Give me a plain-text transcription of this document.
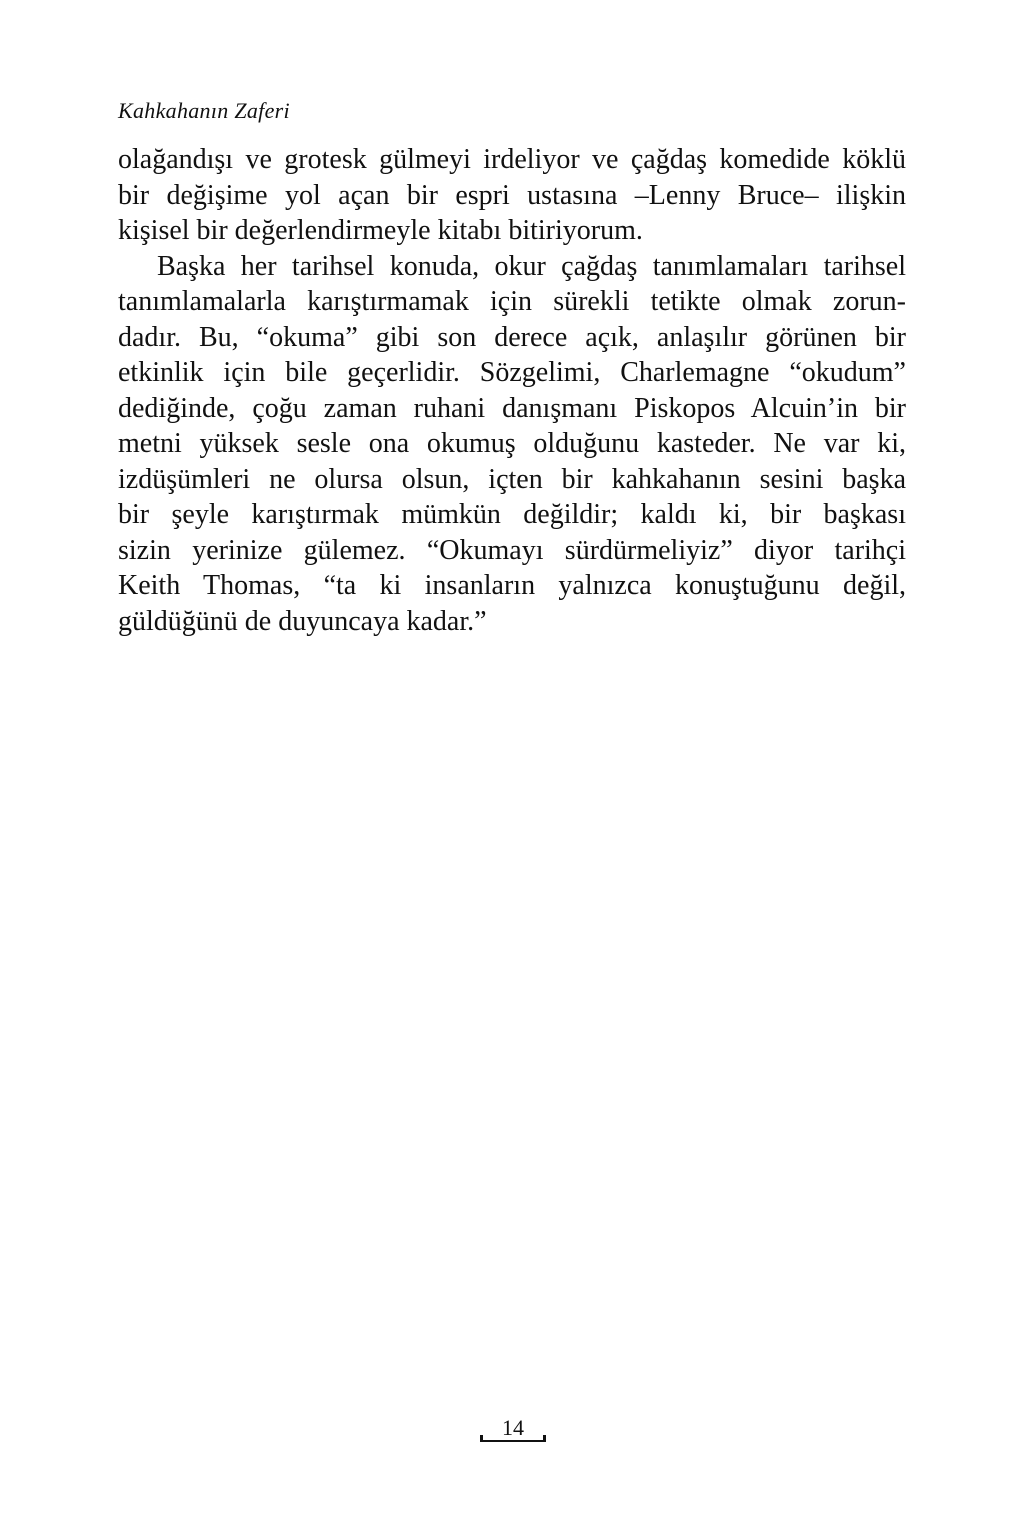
Kahkahanın Zaferi
olağandışı ve grotesk gülmeyi irdeliyor ve çağdaş komedide köklü
bir değişime yol açan bir espri ustasına –Lenny Bruce– ilişkin
kişisel bir değerlendirmeyle kitabı bitiriyorum.
Başka her tarihsel konuda, okur çağdaş tanımlamaları tarihsel
tanımlamalarla karıştırmamak için sürekli tetikte olmak zorun-
dadır. Bu, “okuma” gibi son derece açık, anlaşılır görünen bir
etkinlik için bile geçerlidir. Sözgelimi, Charlemagne “okudum”
dediğinde, çoğu zaman ruhani danışmanı Piskopos Alcuin’in bir
metni yüksek sesle ona okumuş olduğunu kasteder. Ne var ki,
izdüşümleri ne olursa olsun, içten bir kahkahanın sesini başka
bir şeyle karıştırmak mümkün değildir; kaldı ki, bir başkası
sizin yerinize gülemez. “Okumayı sürdürmeliyiz” diyor tarihçi
Keith Thomas, “ta ki insanların yalnızca konuştuğunu değil,
güldüğünü de duyuncaya kadar.”
14
